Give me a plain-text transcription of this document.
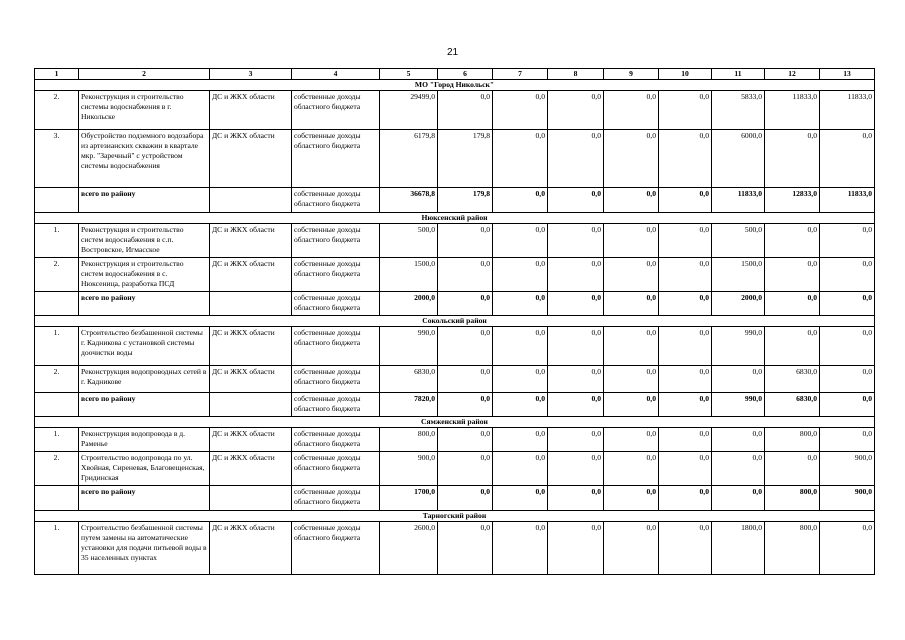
21
1	2	3	4	5	6	7	8	9	10	11	12	13
МО "Город Никольск"												
2.	Реконструкция и строительство системы водоснабжения в г. Никольске	ДС и ЖКХ области	собственные доходы областного бюджета	29499,0	0,0	0,0	0,0	0,0	0,0	5833,0	11833,0	11833,0
3.	Обустройство подземного водозабора из артезианских скважин в квартале мкр. "Заречный" с устройством системы водоснабжения	ДС и ЖКХ области	собственные доходы областного бюджета	6179,8	179,8	0,0	0,0	0,0	0,0	6000,0	0,0	0,0
	всего по району		собственные доходы областного бюджета	36678,8	179,8	0,0	0,0	0,0	0,0	11833,0	12833,0	11833,0
Нюксенский район												
1.	Реконструкция и строительство систем водоснабжения в с.п. Востровское, Игмасское	ДС и ЖКХ области	собственные доходы областного бюджета	500,0	0,0	0,0	0,0	0,0	0,0	500,0	0,0	0,0
2.	Реконструкция и строительство систем водоснабжения в с. Нюксеница, разработка ПСД	ДС и ЖКХ области	собственные доходы областного бюджета	1500,0	0,0	0,0	0,0	0,0	0,0	1500,0	0,0	0,0
	всего по району		собственные доходы областного бюджета	2000,0	0,0	0,0	0,0	0,0	0,0	2000,0	0,0	0,0
Сокольский район												
1.	Строительство безбашенной системы г. Кадникова с установкой системы доочистки воды	ДС и ЖКХ области	собственные доходы областного бюджета	990,0	0,0	0,0	0,0	0,0	0,0	990,0	0,0	0,0
2.	Реконструкция водопроводных сетей в г. Кадникове	ДС и ЖКХ области	собственные доходы областного бюджета	6830,0	0,0	0,0	0,0	0,0	0,0	0,0	6830,0	0,0
	всего по району		собственные доходы областного бюджета	7820,0	0,0	0,0	0,0	0,0	0,0	990,0	6830,0	0,0
Сямженский район												
1.	Реконструкция водопровода в д. Раменье	ДС и ЖКХ области	собственные доходы областного бюджета	800,0	0,0	0,0	0,0	0,0	0,0	0,0	800,0	0,0
2.	Строительство водопровода по ул. Хвойная, Сиреневая, Благовещенская, Гридинская	ДС и ЖКХ области	собственные доходы областного бюджета	900,0	0,0	0,0	0,0	0,0	0,0	0,0	0,0	900,0
	всего по району		собственные доходы областного бюджета	1700,0	0,0	0,0	0,0	0,0	0,0	0,0	800,0	900,0
Тарногский район												
1.	Строительство безбашенной системы путем замены на автоматические установки для подачи питьевой воды в 35 населенных пунктах	ДС и ЖКХ области	собственные доходы областного бюджета	2600,0	0,0	0,0	0,0	0,0	0,0	1800,0	800,0	0,0
